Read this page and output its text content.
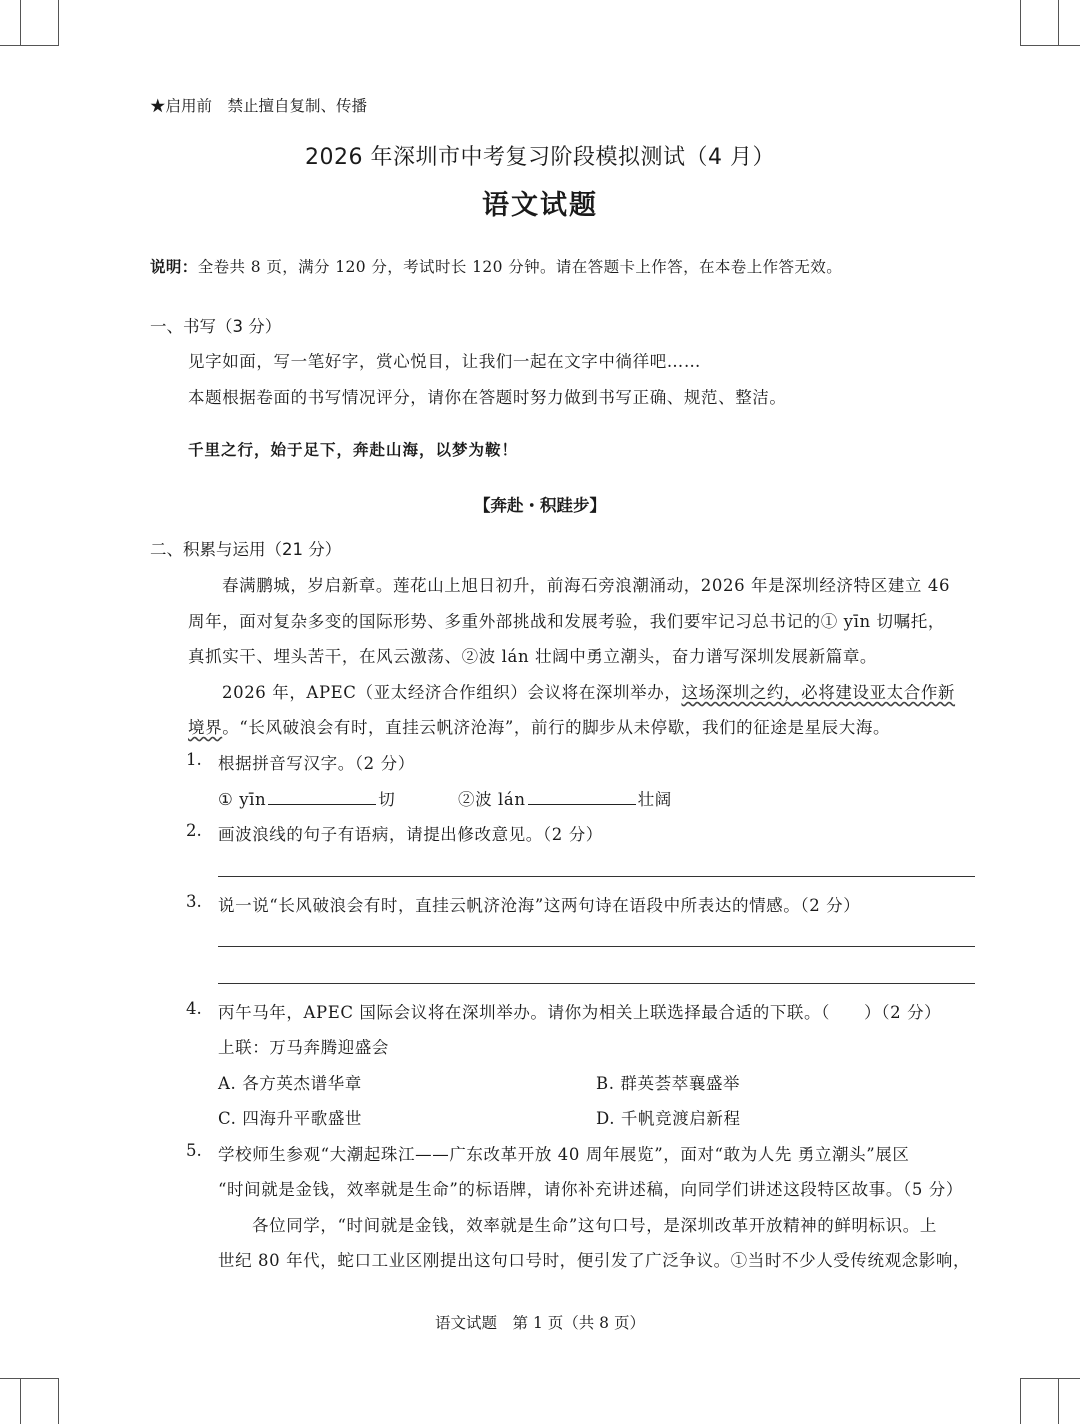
★启用前　禁止擅自复制、传播
2026 年深圳市中考复习阶段模拟测试（4 月）
语文试题
说明：全卷共 8 页，满分 120 分，考试时长 120 分钟。请在答题卡上作答，在本卷上作答无效。
一、书写（3 分）
见字如面，写一笔好字，赏心悦目，让我们一起在文字中徜徉吧……
本题根据卷面的书写情况评分，请你在答题时努力做到书写正确、规范、整洁。
千里之行，始于足下，奔赴山海，以梦为鞍！
【奔赴・积跬步】
二、积累与运用（21 分）
春满鹏城，岁启新章。莲花山上旭日初升，前海石旁浪潮涌动，2026 年是深圳经济特区建立 46
周年，面对复杂多变的国际形势、多重外部挑战和发展考验，我们要牢记习总书记的① yīn 切嘱托，
真抓实干、埋头苦干，在风云激荡、②波 lán 壮阔中勇立潮头，奋力谱写深圳发展新篇章。
2026 年，APEC（亚太经济合作组织）会议将在深圳举办，这场深圳之约，必将建设亚太合作新
境界。“长风破浪会有时，直挂云帆济沧海”，前行的脚步从未停歇，我们的征途是星辰大海。
1. 根据拼音写汉字。（2 分）
① yīn	切	②波 lán	壮阔
2. 画波浪线的句子有语病，请提出修改意见。（2 分）
3. 说一说“长风破浪会有时，直挂云帆济沧海”这两句诗在语段中所表达的情感。（2 分）
4. 丙午马年，APEC 国际会议将在深圳举办。请你为相关上联选择最合适的下联。（　　）（2 分）
上联：万马奔腾迎盛会
A. 各方英杰谱华章	B. 群英荟萃襄盛举
C. 四海升平歌盛世	D. 千帆竞渡启新程
5. 学校师生参观“大潮起珠江——广东改革开放 40 周年展览”，面对“敢为人先 勇立潮头”展区
“时间就是金钱，效率就是生命”的标语牌，请你补充讲述稿，向同学们讲述这段特区故事。（5 分）
各位同学，“时间就是金钱，效率就是生命”这句口号，是深圳改革开放精神的鲜明标识。上
世纪 80 年代，蛇口工业区刚提出这句口号时，便引发了广泛争议。①当时不少人受传统观念影响，
语文试题　第 1 页（共 8 页）
